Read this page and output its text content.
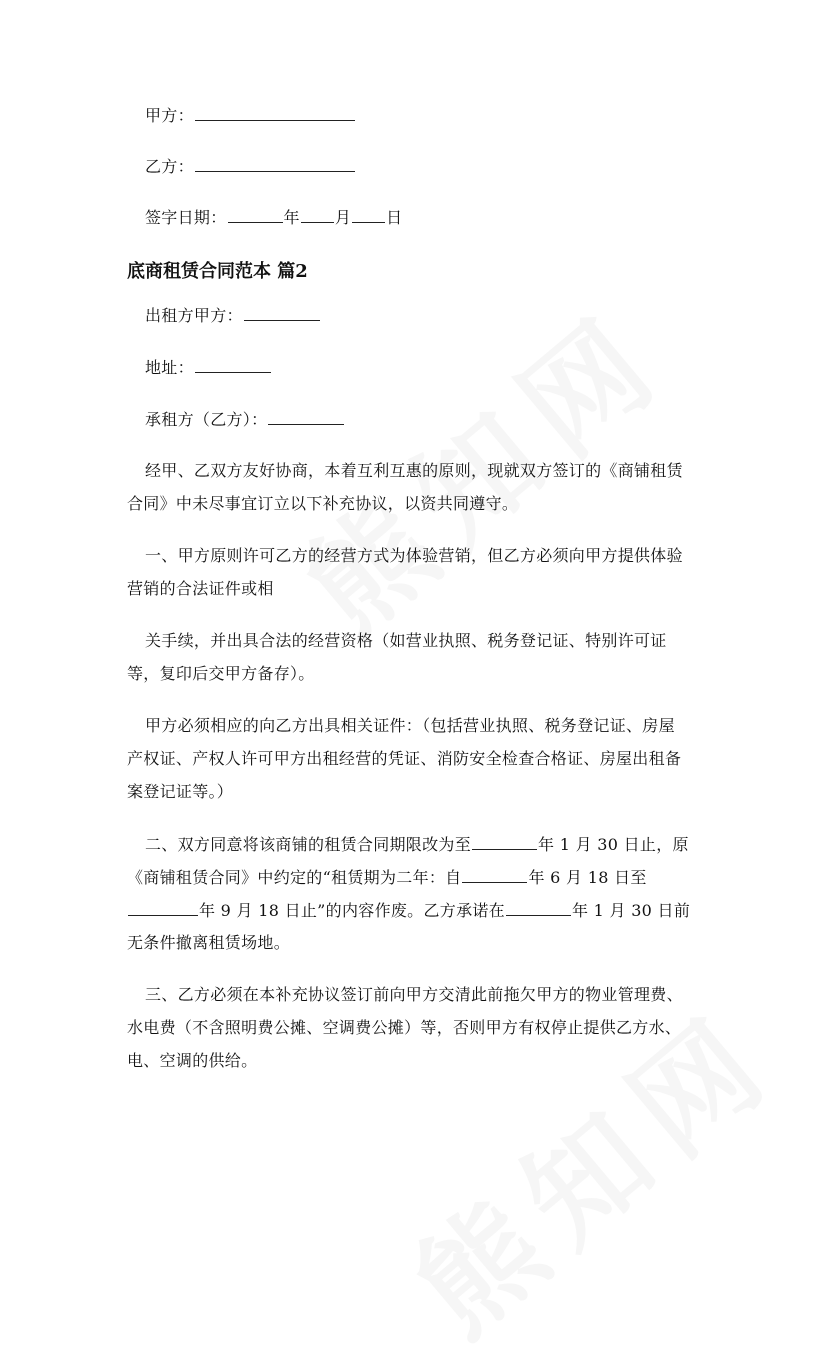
甲方：
乙方：
签字日期：	年 月 日
底商租赁合同范本 篇2
出租方甲方：
地址：
承租方（乙方）：
经甲、乙双方友好协商，本着互利互惠的原则，现就双方签订的《商铺租赁
合同》中未尽事宜订立以下补充协议，以资共同遵守。
一、甲方原则许可乙方的经营方式为体验营销，但乙方必须向甲方提供体验
营销的合法证件或相
关手续，并出具合法的经营资格（如营业执照、税务登记证、特别许可证
等，复印后交甲方备存）。
甲方必须相应的向乙方出具相关证件：（包括营业执照、税务登记证、房屋
产权证、产权人许可甲方出租经营的凭证、消防安全检查合格证、房屋出租备
案登记证等。）
二、双方同意将该商铺的租赁合同期限改为至	年 1 月 30 日止，原
《商铺租赁合同》中约定的“租赁期为二年：自	年 6 月 18 日至
年 9 月 18 日止”的内容作废。乙方承诺在	年 1 月 30 日前
无条件撤离租赁场地。
三、乙方必须在本补充协议签订前向甲方交清此前拖欠甲方的物业管理费、
水电费（不含照明费公摊、空调费公摊）等，否则甲方有权停止提供乙方水、
电、空调的供给。
